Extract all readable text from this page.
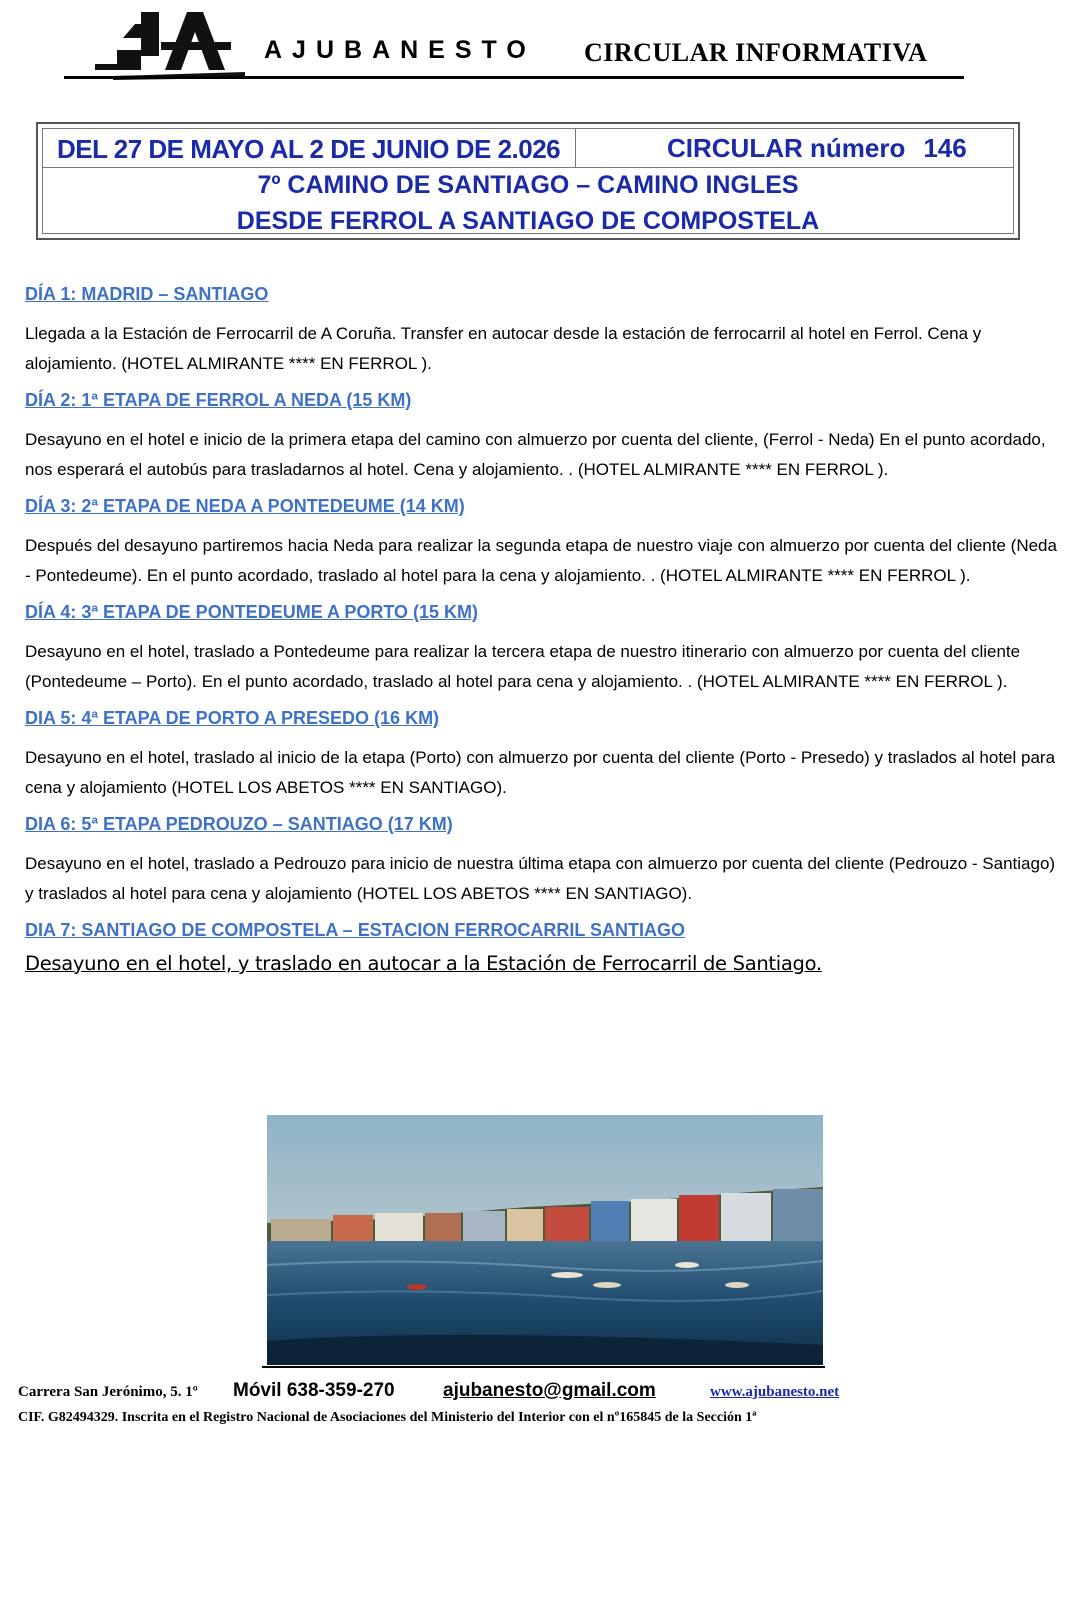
AJUBANESTO CIRCULAR INFORMATIVA
DEL 27 DE MAYO AL 2 DE JUNIO DE 2.026	CIRCULAR número 146
7º CAMINO DE SANTIAGO – CAMINO INGLES
DESDE FERROL A SANTIAGO DE COMPOSTELA
DÍA 1: MADRID – SANTIAGO

Llegada a la Estación de Ferrocarril de A Coruña. Transfer en autocar desde la estación de ferrocarril al hotel en Ferrol. Cena y alojamiento. (HOTEL ALMIRANTE **** EN FERROL ).

DÍA 2: 1ª ETAPA DE FERROL A NEDA (15 KM)

Desayuno en el hotel e inicio de la primera etapa del camino con almuerzo por cuenta del cliente, (Ferrol - Neda) En el punto acordado, nos esperará el autobús para trasladarnos al hotel. Cena y alojamiento. . (HOTEL ALMIRANTE **** EN FERROL ).

DÍA 3: 2ª ETAPA DE NEDA A PONTEDEUME (14 KM)

Después del desayuno partiremos hacia Neda para realizar la segunda etapa de nuestro viaje con almuerzo por cuenta del cliente (Neda - Pontedeume). En el punto acordado, traslado al hotel para la cena y alojamiento. . (HOTEL ALMIRANTE **** EN FERROL ).

DÍA 4: 3ª ETAPA DE PONTEDEUME A PORTO (15 KM)

Desayuno en el hotel, traslado a Pontedeume para realizar la tercera etapa de nuestro itinerario con almuerzo por cuenta del cliente (Pontedeume – Porto). En el punto acordado, traslado al hotel para cena y alojamiento. . (HOTEL ALMIRANTE **** EN FERROL ).

DIA 5: 4ª ETAPA DE PORTO A PRESEDO (16 KM)

Desayuno en el hotel, traslado al inicio de la etapa (Porto) con almuerzo por cuenta del cliente (Porto - Presedo) y traslados al hotel para cena y alojamiento (HOTEL LOS ABETOS **** EN SANTIAGO).

DIA 6: 5ª ETAPA PEDROUZO – SANTIAGO (17 KM)

Desayuno en el hotel, traslado a Pedrouzo para inicio de nuestra última etapa con almuerzo por cuenta del cliente (Pedrouzo - Santiago) y traslados al hotel para cena y alojamiento (HOTEL LOS ABETOS **** EN SANTIAGO).

DIA 7: SANTIAGO DE COMPOSTELA – ESTACION FERROCARRIL SANTIAGO

Desayuno en el hotel, y traslado en autocar a la Estación de Ferrocarril de Santiago.

Carrera San Jerónimo, 5. 1º Móvil 638-359-270	ajubanesto@gmail.com	www.ajubanesto.net
CIF. G82494329. Inscrita en el Registro Nacional de Asociaciones del Ministerio del Interior con el nº165845 de la Sección 1ª
